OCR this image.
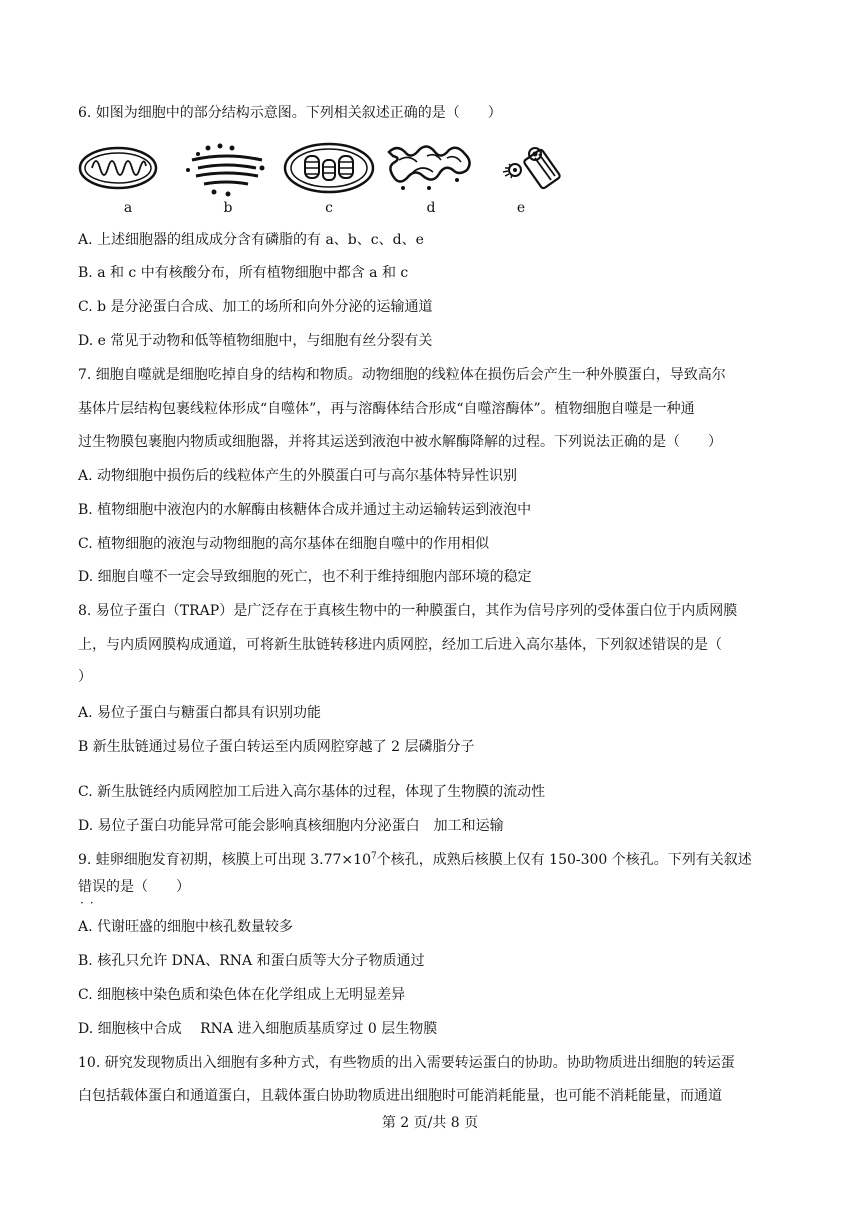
6. 如图为细胞中的部分结构示意图。下列相关叙述正确的是（　　）
a	b	c	d	e
A. 上述细胞器的组成成分含有磷脂的有 a、b、c、d、e
B. a 和 c 中有核酸分布，所有植物细胞中都含 a 和 c
C. b 是分泌蛋白合成、加工的场所和向外分泌的运输通道
D. e 常见于动物和低等植物细胞中，与细胞有丝分裂有关
7. 细胞自噬就是细胞吃掉自身的结构和物质。动物细胞的线粒体在损伤后会产生一种外膜蛋白，导致高尔
基体片层结构包裹线粒体形成“自噬体”，再与溶酶体结合形成“自噬溶酶体”。植物细胞自噬是一种通
过生物膜包裹胞内物质或细胞器，并将其运送到液泡中被水解酶降解的过程。下列说法正确的是（　　）
A. 动物细胞中损伤后的线粒体产生的外膜蛋白可与高尔基体特异性识别
B. 植物细胞中液泡内的水解酶由核糖体合成并通过主动运输转运到液泡中
C. 植物细胞的液泡与动物细胞的高尔基体在细胞自噬中的作用相似
D. 细胞自噬不一定会导致细胞的死亡，也不利于维持细胞内部环境的稳定
8. 易位子蛋白（TRAP）是广泛存在于真核生物中的一种膜蛋白，其作为信号序列的受体蛋白位于内质网膜
上，与内质网膜构成通道，可将新生肽链转移进内质网腔，经加工后进入高尔基体，下列叙述错误的是（
）
A. 易位子蛋白与糖蛋白都具有识别功能
B 新生肽链通过易位子蛋白转运至内质网腔穿越了 2 层磷脂分子
C. 新生肽链经内质网腔加工后进入高尔基体的过程，体现了生物膜的流动性
D. 易位子蛋白功能异常可能会影响真核细胞内分泌蛋白　加工和运输
9. 蛙卵细胞发育初期，核膜上可出现 $3.77\times 10^7$个核孔，成熟后核膜上仅有 150-300 个核孔。下列有关叙述
错误的是（　　）
··
A. 代谢旺盛的细胞中核孔数量较多
B. 核孔只允许 DNA、RNA 和蛋白质等大分子物质通过
C. 细胞核中染色质和染色体在化学组成上无明显差异
D. 细胞核中合成　 RNA 进入细胞质基质穿过 0 层生物膜
10. 研究发现物质出入细胞有多种方式，有些物质的出入需要转运蛋白的协助。协助物质进出细胞的转运蛋
白包括载体蛋白和通道蛋白，且载体蛋白协助物质进出细胞时可能消耗能量，也可能不消耗能量，而通道
第 2 页/共 8 页
